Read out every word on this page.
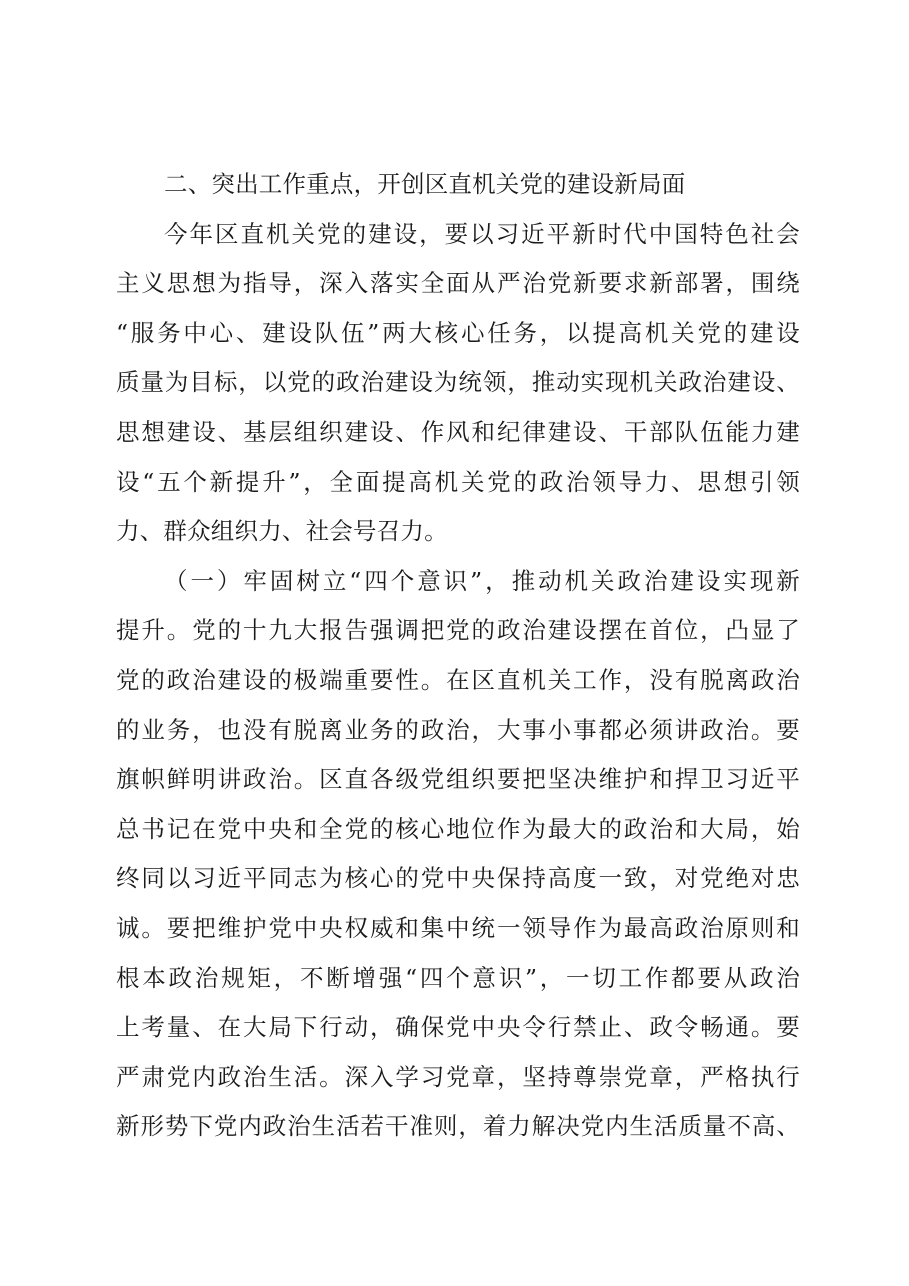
二、突出工作重点，开创区直机关党的建设新局面
今年区直机关党的建设，要以习近平新时代中国特色社会
主义思想为指导，深入落实全面从严治党新要求新部署，围绕
“服务中心、建设队伍”两大核心任务，以提高机关党的建设
质量为目标，以党的政治建设为统领，推动实现机关政治建设、
思想建设、基层组织建设、作风和纪律建设、干部队伍能力建
设“五个新提升”，全面提高机关党的政治领导力、思想引领
力、群众组织力、社会号召力。
（一）牢固树立“四个意识”，推动机关政治建设实现新
提升。党的十九大报告强调把党的政治建设摆在首位，凸显了
党的政治建设的极端重要性。在区直机关工作，没有脱离政治
的业务，也没有脱离业务的政治，大事小事都必须讲政治。要
旗帜鲜明讲政治。区直各级党组织要把坚决维护和捍卫习近平
总书记在党中央和全党的核心地位作为最大的政治和大局，始
终同以习近平同志为核心的党中央保持高度一致，对党绝对忠
诚。要把维护党中央权威和集中统一领导作为最高政治原则和
根本政治规矩，不断增强“四个意识”，一切工作都要从政治
上考量、在大局下行动，确保党中央令行禁止、政令畅通。要
严肃党内政治生活。深入学习党章，坚持尊崇党章，严格执行
新形势下党内政治生活若干准则，着力解决党内生活质量不高、
